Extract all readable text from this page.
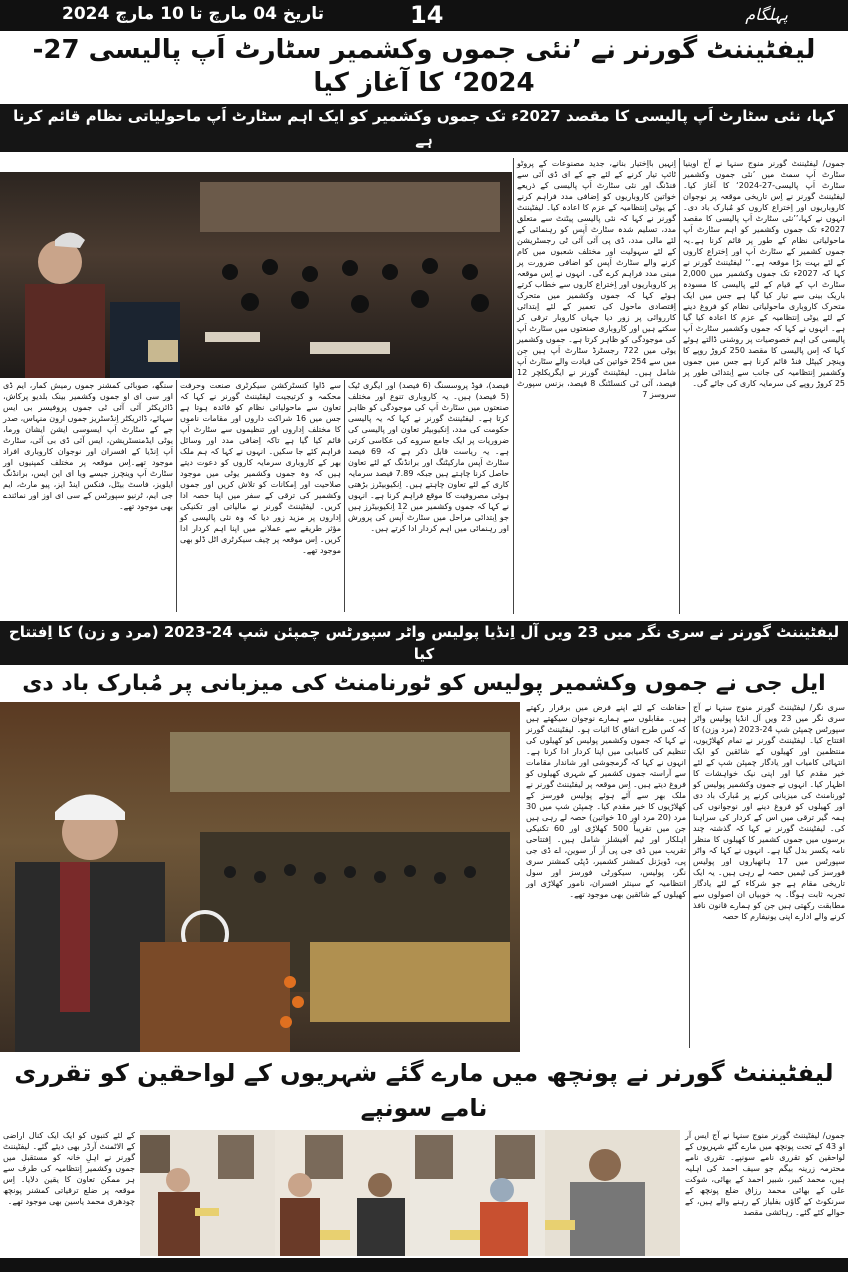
تاریخ 04 مارچ تا 10 مارچ 2024	14	پہلگام
لیفٹیننٹ گورنر نے ’نئی جموں وکشمیر سٹارٹ اَپ پالیسی 27-2024‘ کا آغاز کیا
کہا، نئی سٹارٹ اَپ پالیسی کا مقصد 2027ء تک جموں وکشمیر کو ایک اہم سٹارٹ اَپ ماحولیاتی نظام قائم کرنا ہے
جموں/ لیفٹیننٹ گورنر منوج سنہا نے آج اوینیا سٹارٹ اَپ سمٹ میں ’نئی جموں وکشمیر سٹارٹ اَپ پالیسی-27-2024‘ کا آغاز کیا۔لیفٹیننٹ گورنر نے اِس تاریخی موقعہ پر نوجوان کاروباریوں اور اِختراع کاروں کو مُبارک باد دی۔انہوں نے کہا،’’نئی سٹارٹ اَپ پالیسی کا مقصد 2027ء تک جموں وکشمیر کو اہم سٹارٹ اَپ ماحولیاتی نظام کے طور پر قائم کرنا ہے۔یہ جموں کشمیر کے سٹارٹ اَپ اور اِختراع کاروں کے لئے بہت بڑا موقعہ ہے۔‘‘ لیفٹیننٹ گورنر نے کہا کہ 2027ء تک جموں وکشمیر میں 2,000 سٹارٹ اپ کے قیام کے لئے پالیسی کا مسودہ باریک بینی سے تیار کیا گیا ہے جس میں ایک متحرک کاروباری ماحولیاتی نظام کو فروغ دینے کے لئے یوٹی اِنتظامیہ کے عزم کا اعادہ کیا گیا ہے۔ انہوں نے کہا کہ جموں وکشمیر سٹارٹ اَپ پالیسی کی اہم خصوصیات پر روشنی ڈالتے ہوئے کہا کہ اِس پالیسی کا مقصد 250 کروڑ روپے کا وینچر کیپٹل فنڈ قائم کرنا ہے جس میں جموں وکشمیر اِنتظامیہ کی جانب سے اِبتدائی طور پر 25 کروڑ روپے کی سرمایہ کاری کی جائے گی۔
اِنہیں بااِختیار بنانے، جدید مصنوعات کے پروٹو ٹائپ تیار کرنے کے لئے جے کے ای ڈی آئی سے فنڈنگ اور نئی سٹارٹ اَپ پالیسی کے ذریعے خواتین کاروباریوں کو اِضافی مدد فراہم کرنے کے یوٹی اِنتظامیہ کے عزم کا اعادہ کیا۔ لیفٹیننٹ گورنر نے کہا کہ نئی پالیسی پیٹنٹ سے متعلق مدد، تسلیم شدہ سٹارٹ اَپس کو رہنمائی کے لئے مالی مدد، ڈی پی آئی آئی ٹی رجسٹریشن کے لئے سہولیت اور مختلف شعبوں میں کام کرنے والے سٹارٹ اَپس کو اضافی ضرورت پر مبنی مدد فراہم کرے گی۔ انہوں نے اِس موقعہ پر کاروباریوں اور اِختراع کاروں سے خطاب کرتے ہوئے کہا کہ جموں وکشمیر میں متحرک اِقتصادی ماحول کی تعمیر کے لئے اِبتدائی کارروائی پر زور دیا جہاں کاروبار ترقی کر سکتے ہیں اور کاروباری صنعتوں میں سٹارٹ اَپ کی موجودگی کو ظاہر کرتا ہے۔ جموں وکشمیر یوٹی میں 722 رجسٹرڈ سٹارٹ اَپ ہیں جن میں سے 254 خواتین کی قیادت والے سٹارٹ اَپ شامل ہیں۔ لیفٹیننٹ گورنر نے ایگریکلچر 12 فیصد، آئی ٹی کنسلٹنگ 8 فیصد، بزنس سپورٹ سروسز 7
فیصد)، فوڈ پروسسنگ (6 فیصد) اور ایگری ٹیک (5 فیصد) ہیں۔ یہ کاروباری تنوع اور مختلف صنعتوں میں سٹارٹ اَپ کی موجودگی کو ظاہر کرتا ہے۔ لیفٹیننٹ گورنر نے کہا کہ یہ پالیسی حکومت کی مدد، اِنکیوبیٹر تعاون اور پالیسی کی ضروریات پر ایک جامع سروے کی عکاسی کرتی ہے۔ یہ ریاست قابل ذکر ہے کہ 69 فیصد سٹارٹ اَپس مارکیٹنگ اور برانڈنگ کے لئے تعاون حاصل کرنا چاہتے ہیں جبکہ 7.89 فیصد سرمایہ کاری کے لئے تعاون چاہتے ہیں۔ اِنکیوبیٹرز بڑھتی ہوئی مصروفیت کا موقع فراہم کرنا ہے۔ انہوں نے کہا کہ جموں وکشمیر میں 12 اِنکیوبیٹرز ہیں جو اِبتدائی مراحل میں سٹارٹ اَپس کی پرورش اور رہنمائی میں اہم کردار ادا کرتے ہیں۔
سے ڈاوا کنسٹرکشن سیکرٹری صنعت وحرفت محکمہ و کرتیجیت لیفٹیننٹ گورنر نے کہا کہ تعاون سے ماحولیاتی نظام کو فائدہ ہوتا ہے جس میں 16 شراکت داروں اور مقامات ناموں کا مختلف اِداروں اور تنظیموں سے سٹارٹ اَپ قائم کیا گیا ہے تاکہ اِضافی مدد اور وسائل فراہم کئے جا سکیں۔ انہوں نے کہا کہ ہم ملک بھر کے کاروباری سرمایہ کاروں کو دعوت دیتے ہیں کہ وہ جموں وکشمیر یوٹی میں موجود صلاحیت اور اِمکانات کو تلاش کریں اور جموں وکشمیر کی ترقی کے سفر میں اپنا حصہ ادا کریں۔ لیفٹیننٹ گورنر نے مالیاتی اور تکنیکی اِداروں پر مزید زور دیا کہ وہ نئی پالیسی کو مؤثر طریقے سے عملانے میں اپنا اہم کردار ادا کریں۔ اِس موقعہ پر چیف سیکرٹری اٹل ڈلو بھی موجود تھے۔
سنگھ، صوبائی کمشنر جموں رمیش کمار، ایم ڈی اور سی ای او جموں وکشمیر بینک بلدیو پرکاش، ڈائریکٹر آئی آئی ٹی جموں پروفیسر بی ایس سہائے، ڈائریکٹر اِنڈسٹریز جموں ارون منہاس، صدر جے کے سٹارٹ اَپ ایسوسی ایشن ایشان ورما، یوٹی ایڈمنسٹریشن، ایس آئی ڈی بی آئی، سٹارٹ اَپ اِنڈیا کے افسران اور نوجوان کاروباری افراد موجود تھے۔اِس موقعہ پر مختلف کمپنیوں اور سٹارٹ اَپ وینچرز جیسے ویا ای این ایس، برانڈنگ ایلویز، فاسٹ بیٹل، فنکس اینڈ ایز، پیو مارٹ، ایم جی ایم، ٹرنیو سپورٹس کے سی ای اوز اور نمائندے بھی موجود تھے۔
لیفٹیننٹ گورنر نے سری نگر میں 23 ویں آل اِنڈیا پولیس واٹر سپورٹس چمپئن شپ 24-2023 (مرد و زن) کا اِفتتاح کیا
ایل جی نے جموں وکشمیر پولیس کو ٹورنامنٹ کی میزبانی پر مُبارک باد دی
سری نگر/ لیفٹیننٹ گورنر منوج سنہا نے آج سری نگر میں 23 ویں آل انڈیا پولیس واٹر سپورٹس چمپئن شپ 24-2023 (مرد وزن) کا افتتاح کیا۔ لیفٹیننٹ گورنر نے تمام کھلاڑیوں، منتظمین اور کھیلوں کے شائقین کو ایک انتہائی کامیاب اور یادگار چمپئن شپ کے لئے خیر مقدم کیا اور اپنی نیک خواہشات کا اظہار کیا۔ انہوں نے جموں وکشمیر پولیس کو ٹورنامنٹ کی میزبانی کرنے پر مُبارک باد دی اور کھیلوں کو فروغ دینے اور نوجوانوں کی ہمہ گیر ترقی میں اس کے کردار کی سراہنا کی۔ لیفٹیننٹ گورنر نے کہا کہ گذشتہ چند برسوں میں جموں کشمیر کا کھیلوں کا منظر نامہ یکسر بدل گیا ہے۔ انہوں نے کہا کہ واٹر سپورٹس میں 17 ہاتھیاروں اور پولیس فورسز کی ٹیمیں حصہ لے رہی ہیں۔ یہ ایک تاریخی مقام ہے جو شرکاء کے لئے یادگار تجربہ ثابت ہوگا۔ یہ خوبیاں ان اصولوں سے مطابقت رکھتی ہیں جن کو ہمارے قانون نافذ کرنے والے ادارے اپنی یونیفارم کا حصہ
حفاظت کے لئے اپنے فرض میں برقرار رکھتے ہیں۔ مقابلوں سے ہمارے نوجوان سیکھتے ہیں کہ کس طرح اتفاق کا اثبات ہو۔ لیفٹیننٹ گورنر نے کہا کہ جموں وکشمیر پولیس کو کھیلوں کی تنظیم کی کامیابی میں اپنا کردار ادا کرنا ہے۔ انہوں نے کہا کہ گرمجوشی اور شاندار مقامات سے آراستہ جموں کشمیر کے شہری کھیلوں کو فروغ دیتے ہیں۔ اِس موقعہ پر لیفٹیننٹ گورنر نے ملک بھر سے آئے ہوئے پولیس فورسز کے کھلاڑیوں کا خیر مقدم کیا۔ چمپئن شپ میں 30 مرد (20 مرد اور 10 خواتین) حصہ لے رہی ہیں جن میں تقریباً 500 کھلاڑی اور 60 تکنیکی اہلکار اور ٹیم آفیشلز شامل ہیں۔ اِفتتاحی تقریب میں ڈی جی پی آر آر سوین، اے ڈی جی پی، ڈویژنل کمشنر کشمیر، ڈپٹی کمشنر سری نگر، پولیس، سیکورٹی فورسز اور سول انتظامیہ کے سینئر افسران، نامور کھلاڑی اور کھیلوں کے شائقین بھی موجود تھے۔
لیفٹیننٹ گورنر نے پونچھ میں مارے گئے شہریوں کے لواحقین کو تقرری نامے سونپے
جموں/ لیفٹیننٹ گورنر منوج سنہا نے آج ایس آر او 43 کے تحت پونچھ میں مارے گئے شہریوں کے لواحقین کو تقرری نامے سونپے۔ تقرری نامے محترمہ زرینہ بیگم جو سیف احمد کی اہلیہ ہیں، محمد کبیر، شبیر احمد کے بھائی، شوکت علی کے بھائی محمد رزاق ضلع پونچھ کے سرنکوٹ کے گاؤں بفلیاز کے رہنے والے ہیں، کے حوالے کئے گئے۔ رہائشی مقصد
کے لئے کنبوں کو ایک ایک کنال اراضی کے الاٹمنٹ آرڈر بھی دیئے گئے۔ لیفٹیننٹ گورنر نے اہلِ خانہ کو مستقبل میں جموں وکشمیر اِنتظامیہ کی طرف سے ہر ممکن تعاون کا یقین دلایا۔ اِس موقعہ پر ضلع ترقیاتی کمشنر پونچھ چودھری محمد یاسین بھی موجود تھے۔
